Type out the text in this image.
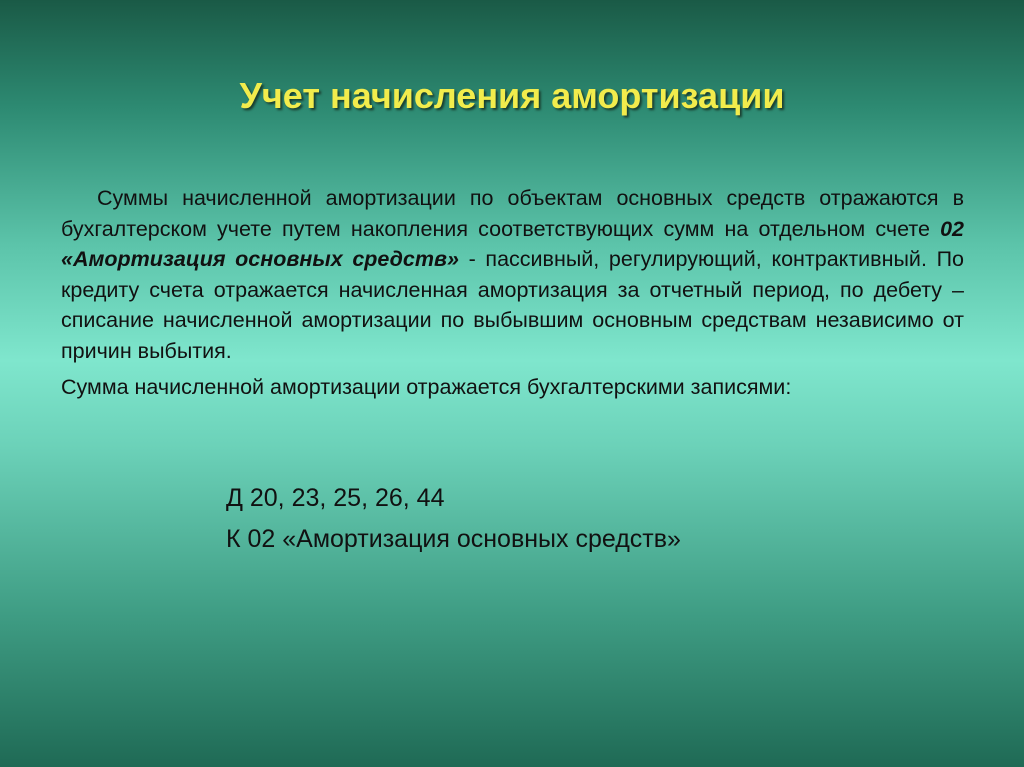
Учет начисления амортизации

Суммы начисленной амортизации по объектам основных средств отражаются в бухгалтерском учете путем накопления соответствующих сумм на отдельном счете 02 «Амортизация основных средств» - пассивный, регулирующий, контрактивный. По кредиту счета отражается начисленная амортизация за отчетный период, по дебету – списание начисленной амортизации по выбывшим основным средствам независимо от причин выбытия.

Сумма начисленной амортизации отражается бухгалтерскими записями:

Д 20, 23, 25, 26, 44
К 02 «Амортизация основных средств»
